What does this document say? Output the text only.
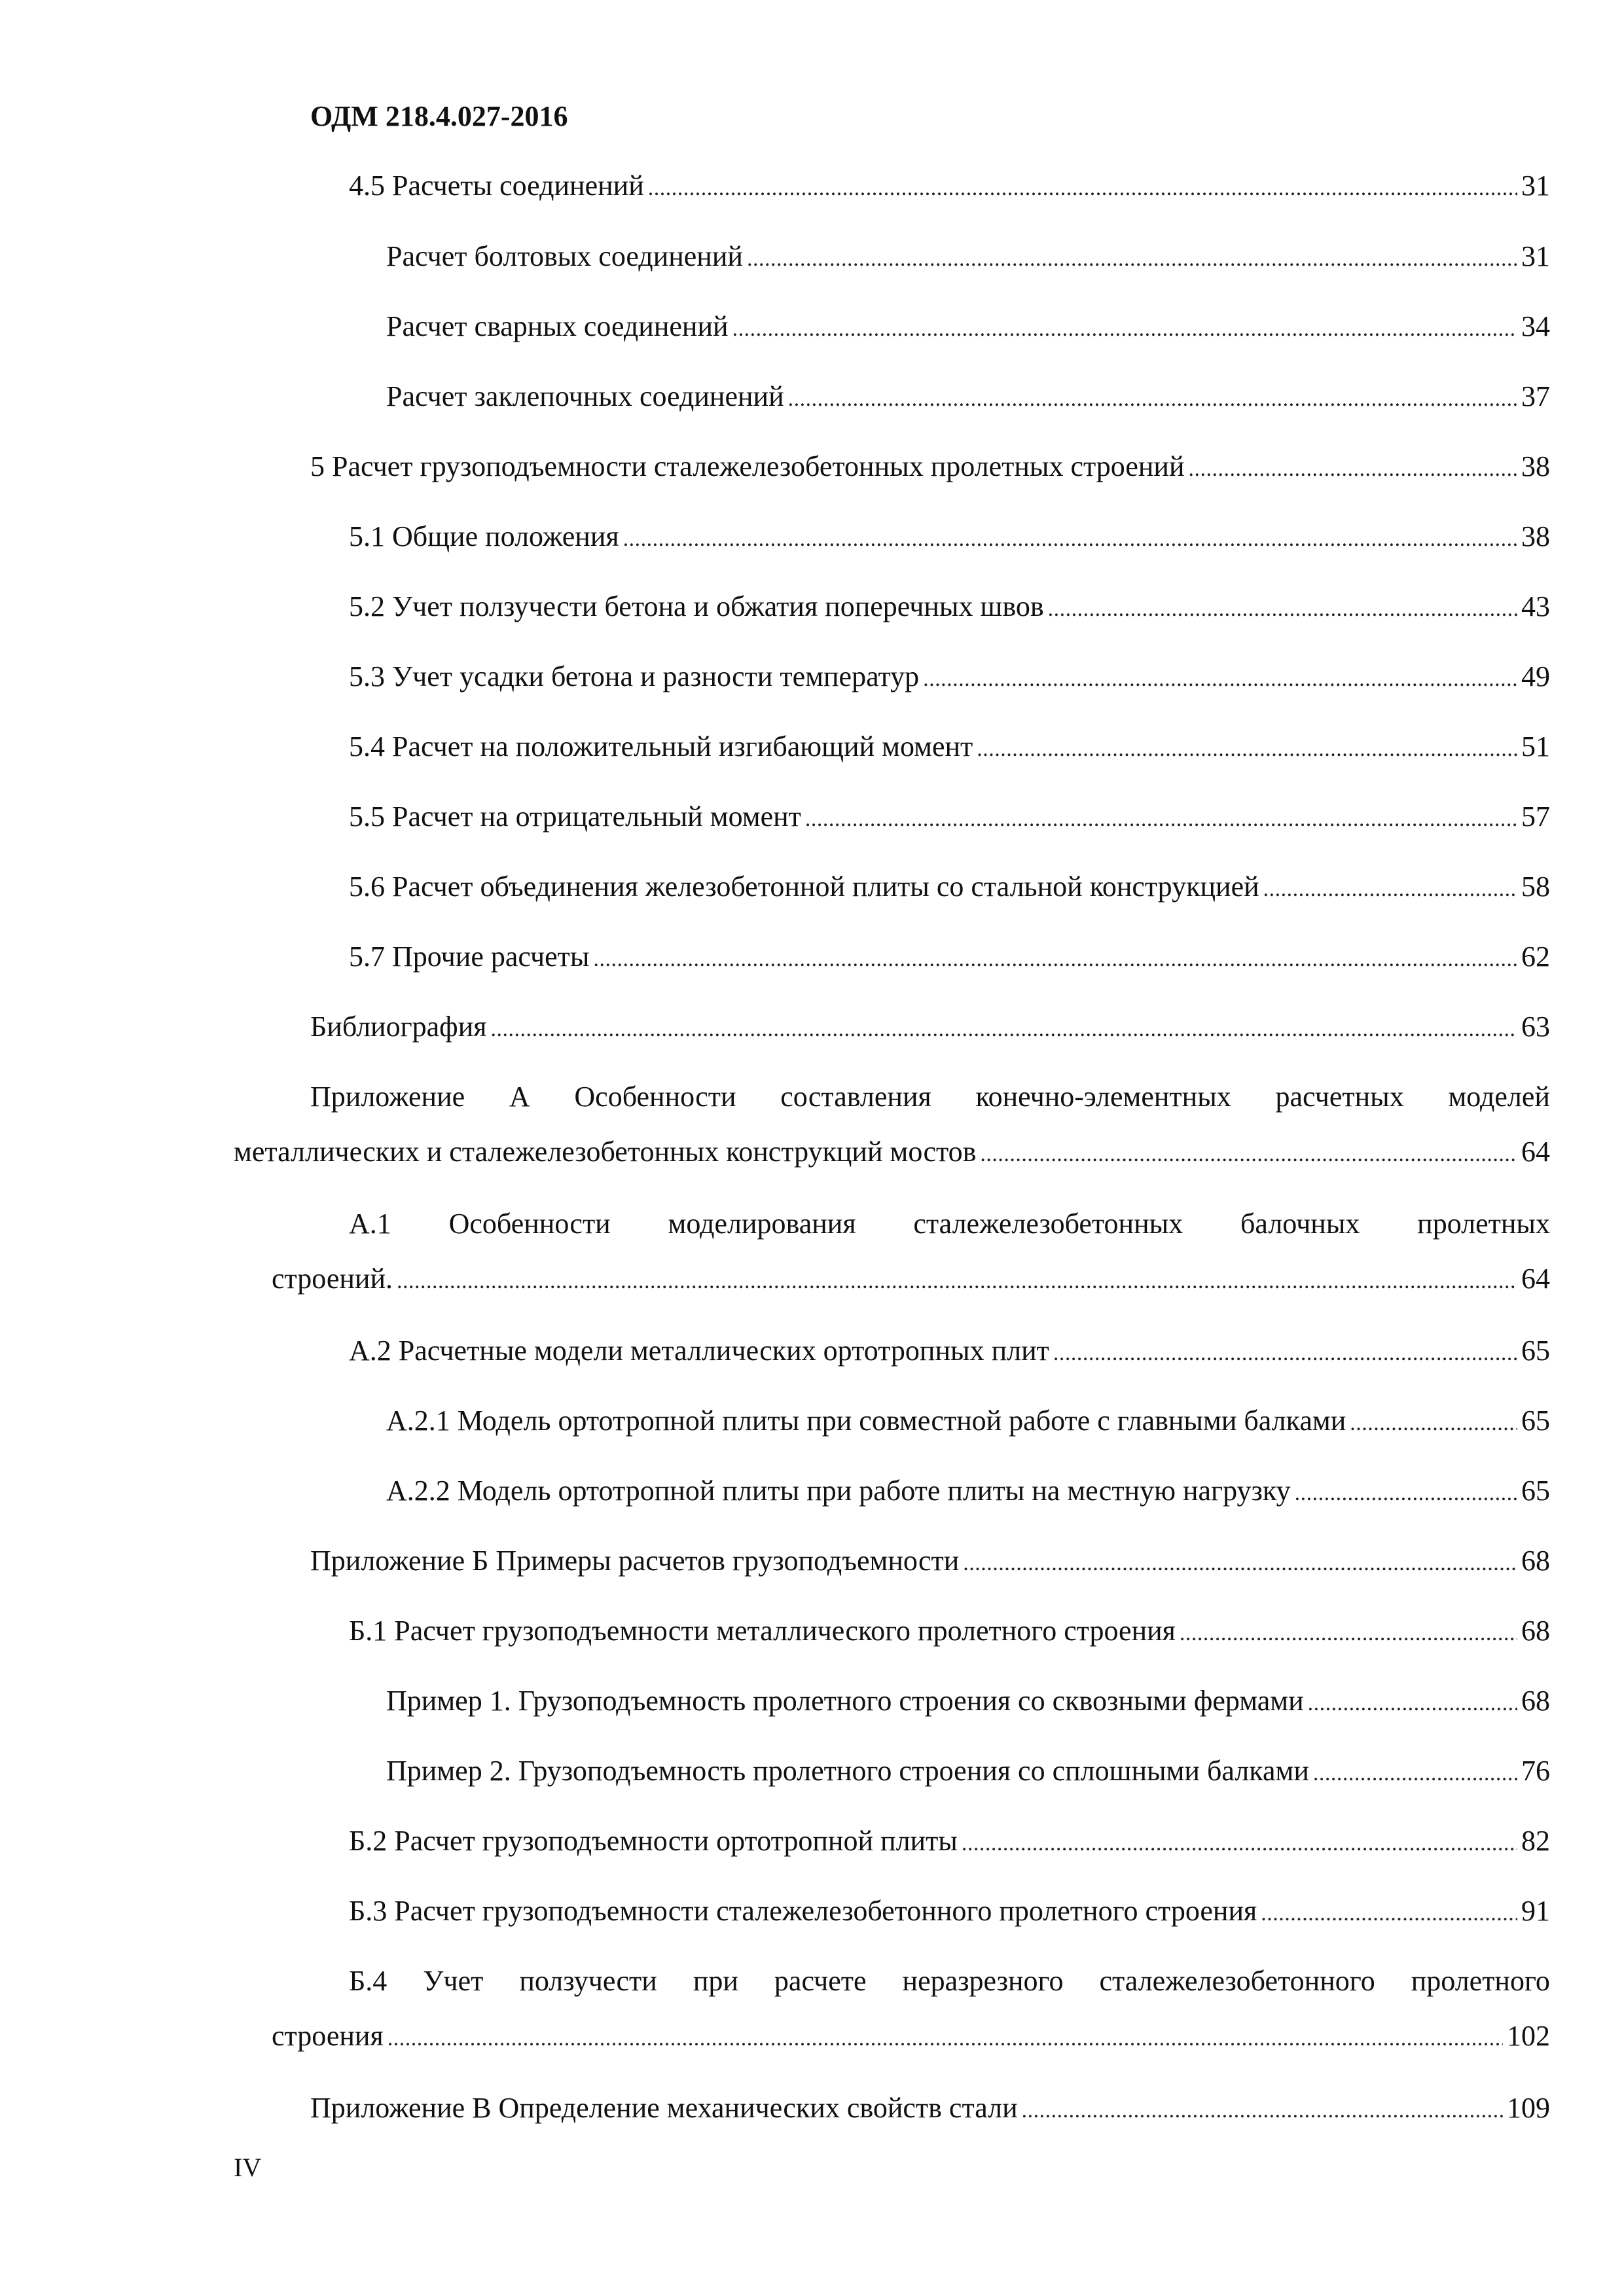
ОДМ 218.4.027-2016
4.5 Расчеты соединений . . .	31
Расчет болтовых соединений . . .	31
Расчет сварных соединений . . .	34
Расчет заклепочных соединений . . .	37
5 Расчет грузоподъемности сталежелезобетонных пролетных строений . . .	38
5.1 Общие положения . . .	38
5.2 Учет ползучести бетона и обжатия поперечных швов . . .	43
5.3 Учет усадки бетона и разности температур . . .	49
5.4 Расчет на положительный изгибающий момент . . .	51
5.5 Расчет на отрицательный момент . . .	57
5.6 Расчет объединения железобетонной плиты со стальной конструкцией . . .	58
5.7 Прочие расчеты . . .	62
Библиография . . .	63
Приложение А Особенности составления конечно-элементных расчетных моделей
металлических и сталежелезобетонных конструкций мостов . . .	64
А.1 Особенности моделирования сталежелезобетонных балочных пролетных
строений. . . .	64
А.2 Расчетные модели металлических ортотропных плит . . .	65
А.2.1 Модель ортотропной плиты при совместной работе с главными балками . . .	65
А.2.2 Модель ортотропной плиты при работе плиты на местную нагрузку . . .	65
Приложение Б Примеры расчетов грузоподъемности . . .	68
Б.1 Расчет грузоподъемности металлического пролетного строения . . .	68
Пример 1. Грузоподъемность пролетного строения со сквозными фермами . . .	68
Пример 2. Грузоподъемность пролетного строения со сплошными балками . . .	76
Б.2 Расчет грузоподъемности ортотропной плиты . . .	82
Б.3 Расчет грузоподъемности сталежелезобетонного пролетного строения . . .	91
Б.4 Учет ползучести при расчете неразрезного сталежелезобетонного пролетного
строения . . .	102
Приложение В Определение механических свойств стали . . .	109
IV
